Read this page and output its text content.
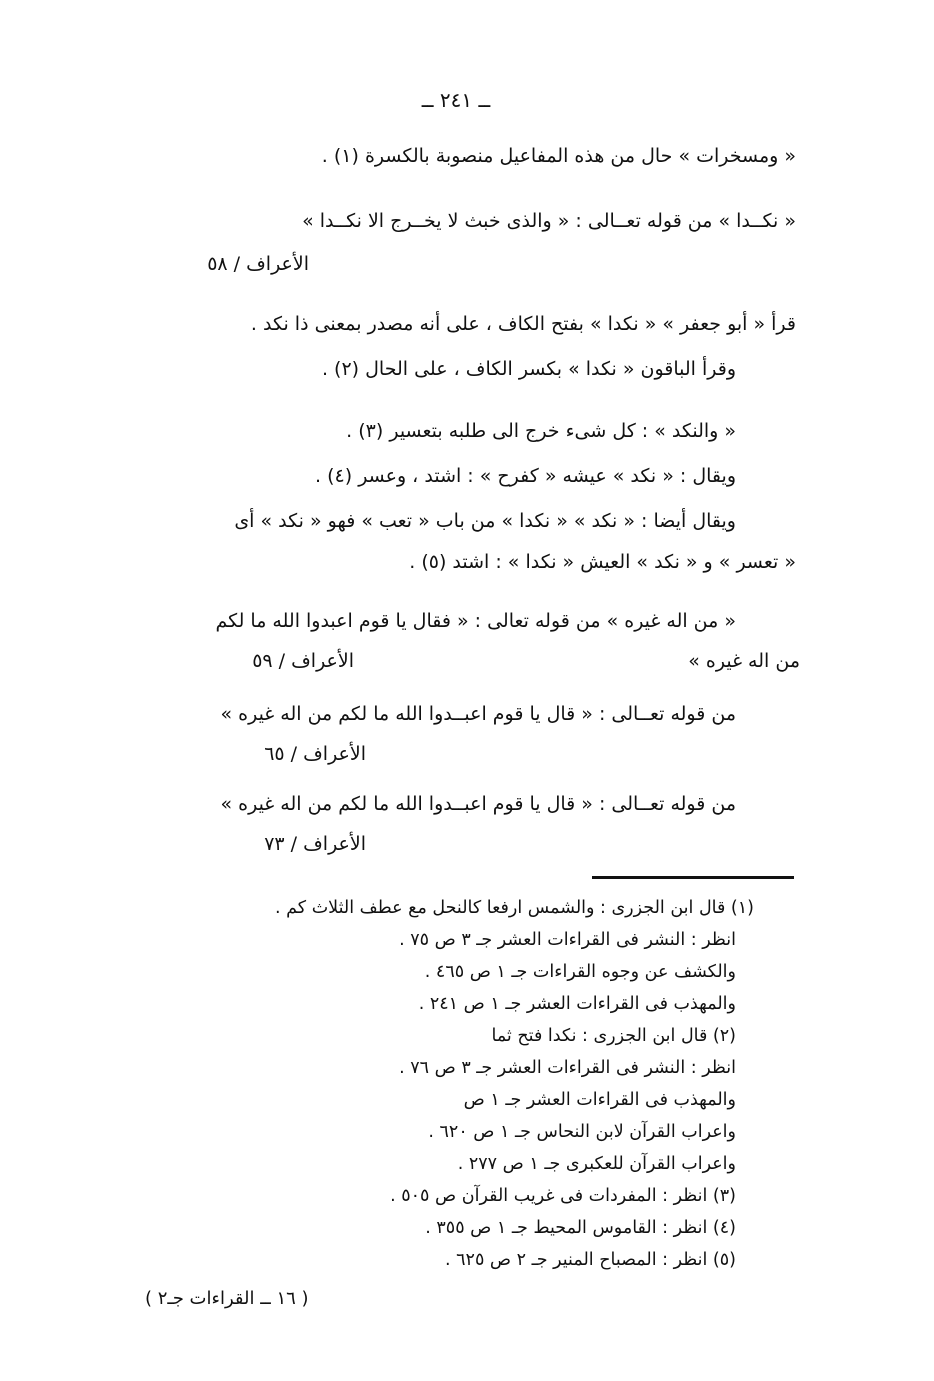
ــ ٢٤١ ــ
« ومسخرات » حال من هذه المفاعيل منصوبة بالكسرة (١) .
« نكــدا » من قوله تعــالى : « والذى خبث لا يخــرج الا نكــدا »
الأعراف / ٥٨
قرأ « أبو جعفر » « نكدا » بفتح الكاف ، على أنه مصدر بمعنى ذا نكد .
وقرأ الباقون « نكدا » بكسر الكاف ، على الحال (٢) .
« والنكد » : كل شىء خرج الى طلبه بتعسير (٣) .
ويقال : « نكد » عيشه « كفرح » : اشتد ، وعسر (٤) .
ويقال أيضا : « نكد » « نكدا » من باب « تعب » فهو « نكد » أى
« تعسر » و « نكد » العيش « نكدا » : اشتد (٥) .
« من اله غيره » من قوله تعالى : « فقال يا قوم اعبدوا الله ما لكم
من اله غيره »
الأعراف / ٥٩
من قوله تعــالى : « قال يا قوم اعبــدوا الله ما لكم من اله غيره »
الأعراف / ٦٥
من قوله تعــالى : « قال يا قوم اعبــدوا الله ما لكم من اله غيره »
الأعراف / ٧٣
(١) قال ابن الجزرى : والشمس ارفعا كالنحل مع عطف الثلاث كم .
انظر : النشر فى القراءات العشر جـ ٣ ص ٧٥ .
والكشف عن وجوه القراءات جـ ١ ص ٤٦٥ .
والمهذب فى القراءات العشر جـ ١ ص ٢٤١ .
(٢) قال ابن الجزرى : نكدا فتح ثما
انظر : النشر فى القراءات العشر جـ ٣ ص ٧٦ .
والمهذب فى القراءات العشر جـ ١ ص
واعراب القرآن لابن النحاس جـ ١ ص ٦٢٠ .
واعراب القرآن للعكبرى جـ ١ ص ٢٧٧ .
(٣) انظر : المفردات فى غريب القرآن ص ٥٠٥ .
(٤) انظر : القاموس المحيط جـ ١ ص ٣٥٥ .
(٥) انظر : المصباح المنير جـ ٢ ص ٦٢٥ .
( ١٦ ــ القراءات جـ٢ )
